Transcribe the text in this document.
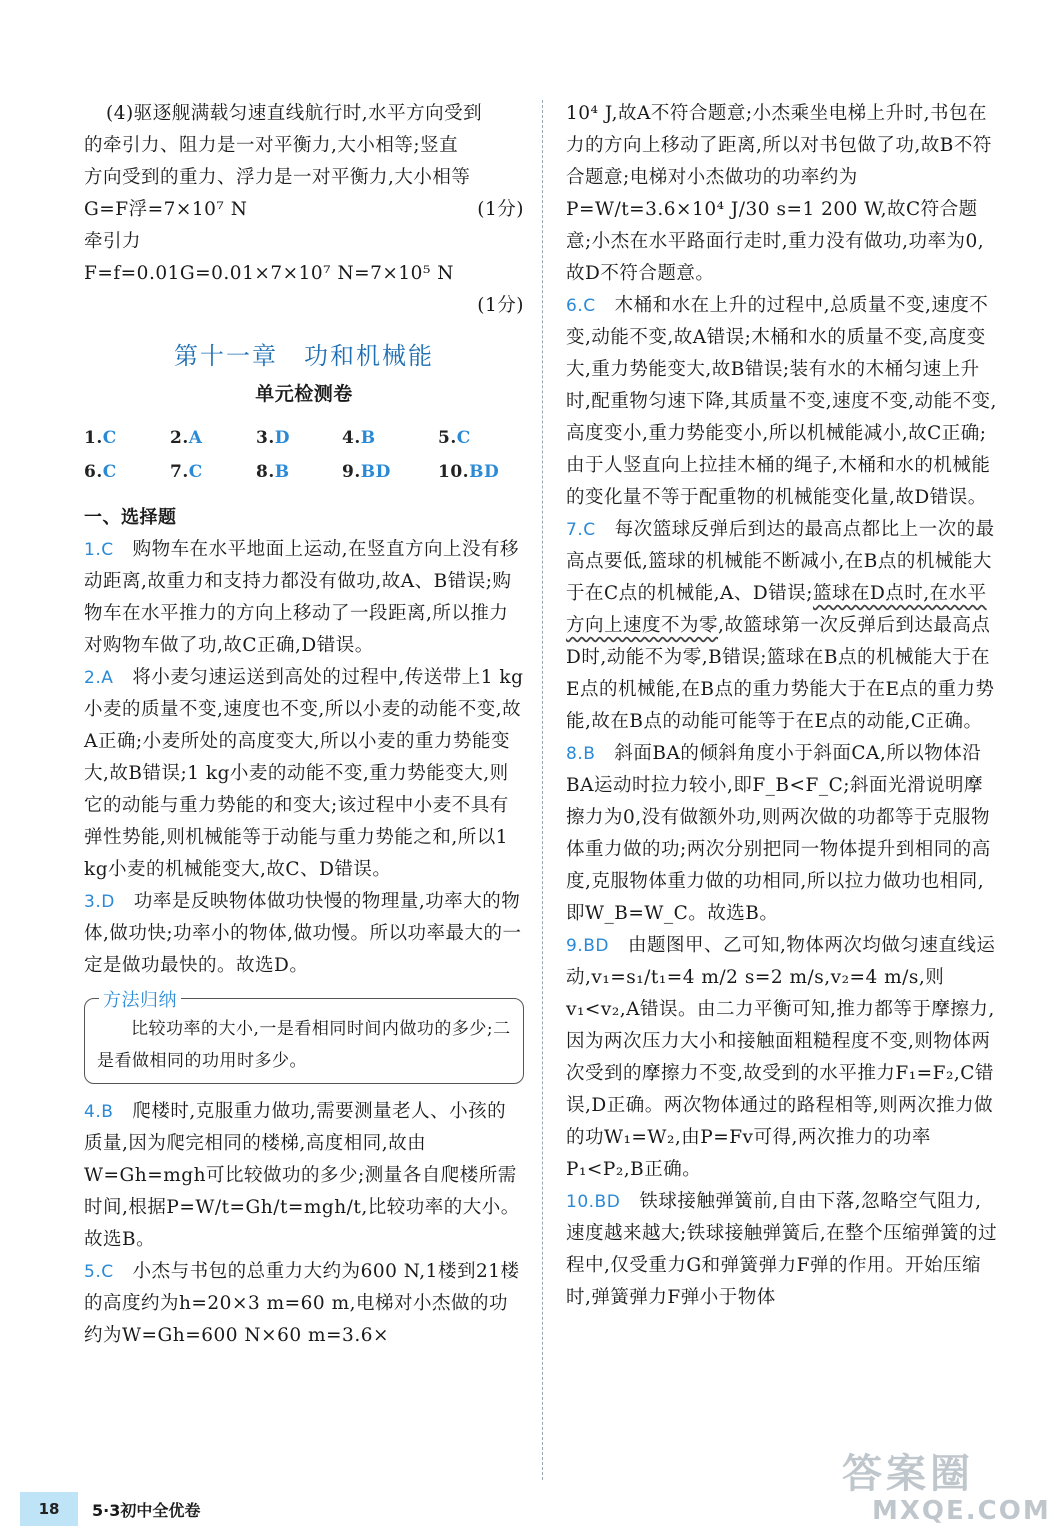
(4)驱逐舰满载匀速直线航行时,水平方向受到

的牵引力、阻力是一对平衡力,大小相等;竖直

方向受到的重力、浮力是一对平衡力,大小相等

G=F浮=7×10⁷ N	(1分)

牵引力

F=f=0.01G=0.01×7×10⁷ N=7×10⁵ N

(1分)
第十一章　功和机械能
单元检测卷
1.C	2.A	3.D	4.B	5.C
6.C	7.C	8.B	9.BD	10.BD
一、选择题

1.C　 购物车在水平地面上运动,在竖直方向上没有移动距离,故重力和支持力都没有做功,故A、B错误;购物车在水平推力的方向上移动了一段距离,所以推力对购物车做了功,故C正确,D错误。

2.A　 将小麦匀速运送到高处的过程中,传送带上1 kg小麦的质量不变,速度也不变,所以小麦的动能不变,故A正确;小麦所处的高度变大,所以小麦的重力势能变大,故B错误;1 kg小麦的动能不变,重力势能变大,则它的动能与重力势能的和变大;该过程中小麦不具有弹性势能,则机械能等于动能与重力势能之和,所以1 kg小麦的机械能变大,故C、D错误。

3.D　 功率是反映物体做功快慢的物理量,功率大的物体,做功快;功率小的物体,做功慢。所以功率最大的一定是做功最快的。故选D。

方法归纳
比较功率的大小,一是看相同时间内做功的多少;二是看做相同的功用时多少。

4.B　 爬楼时,克服重力做功,需要测量老人、小孩的质量,因为爬完相同的楼梯,高度相同,故由W=Gh=mgh可比较做功的多少;测量各自爬楼所需时间,根据P=W/t=Gh/t=mgh/t,比较功率的大小。故选B。

5.C　 小杰与书包的总重力大约为600 N,1楼到21楼的高度约为h=20×3 m=60 m,电梯对小杰做的功约为W=Gh=600 N×60 m=3.6×

10⁴ J,故A不符合题意;小杰乘坐电梯上升时,书包在力的方向上移动了距离,所以对书包做了功,故B不符合题意;电梯对小杰做功的功率约为P=W/t=3.6×10⁴ J/30 s=1 200 W,故C符合题意;小杰在水平路面行走时,重力没有做功,功率为0,故D不符合题意。

6.C　 木桶和水在上升的过程中,总质量不变,速度不变,动能不变,故A错误;木桶和水的质量不变,高度变大,重力势能变大,故B错误;装有水的木桶匀速上升时,配重物匀速下降,其质量不变,速度不变,动能不变,高度变小,重力势能变小,所以机械能减小,故C正确;由于人竖直向上拉挂木桶的绳子,木桶和水的机械能的变化量不等于配重物的机械能变化量,故D错误。

7.C　 每次篮球反弹后到达的最高点都比上一次的最高点要低,篮球的机械能不断减小,在B点的机械能大于在C点的机械能,A、D错误;篮球在D点时,在水平方向上速度不为零,故篮球第一次反弹后到达最高点D时,动能不为零,B错误;篮球在B点的机械能大于在E点的机械能,在B点的重力势能大于在E点的重力势能,故在B点的动能可能等于在E点的动能,C正确。

8.B　 斜面BA的倾斜角度小于斜面CA,所以物体沿BA运动时拉力较小,即F_B<F_C;斜面光滑说明摩擦力为0,没有做额外功,则两次做的功都等于克服物体重力做的功;两次分别把同一物体提升到相同的高度,克服物体重力做的功相同,所以拉力做功也相同,即W_B=W_C。故选B。

9.BD　 由题图甲、乙可知,物体两次均做匀速直线运动,v₁=s₁/t₁=4 m/2 s=2 m/s,v₂=4 m/s,则v₁<v₂,A错误。由二力平衡可知,推力都等于摩擦力,因为两次压力大小和接触面粗糙程度不变,则物体两次受到的摩擦力不变,故受到的水平推力F₁=F₂,C错误,D正确。两次物体通过的路程相等,则两次推力做的功W₁=W₂,由P=Fv可得,两次推力的功率P₁<P₂,B正确。

10.BD　 铁球接触弹簧前,自由下落,忽略空气阻力,速度越来越大;铁球接触弹簧后,在整个压缩弹簧的过程中,仅受重力G和弹簧弹力F弹的作用。开始压缩时,弹簧弹力F弹小于物体

18	5·3初中全优卷
答案圈
MXQE.COM
